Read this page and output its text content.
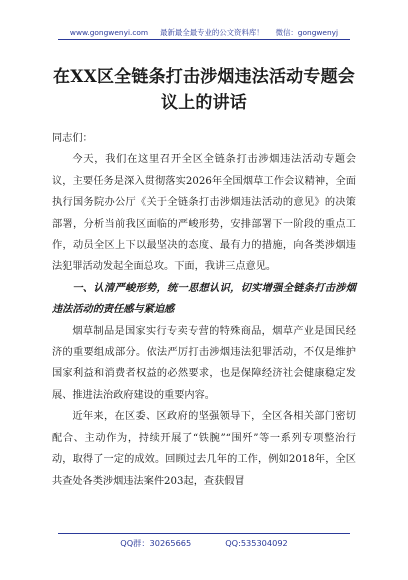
www.gongwenyi.com 最新最全最专业的公文资料库！ 微信：gongwenyj
在XX区全链条打击涉烟违法活动专题会议上的讲话

同志们：

今天，我们在这里召开全区全链条打击涉烟违法活动专题会议，主要任务是深入贯彻落实2026年全国烟草工作会议精神，全面执行国务院办公厅《关于全链条打击涉烟违法活动的意见》的决策部署，分析当前我区面临的严峻形势，安排部署下一阶段的重点工作，动员全区上下以最坚决的态度、最有力的措施，向各类涉烟违法犯罪活动发起全面总攻。下面，我讲三点意见。

一、认清严峻形势，统一思想认识，切实增强全链条打击涉烟违法活动的责任感与紧迫感

烟草制品是国家实行专卖专营的特殊商品，烟草产业是国民经济的重要组成部分。依法严厉打击涉烟违法犯罪活动，不仅是维护国家利益和消费者权益的必然要求，也是保障经济社会健康稳定发展、推进法治政府建设的重要内容。

近年来，在区委、区政府的坚强领导下，全区各相关部门密切配合、主动作为，持续开展了“铁腕”“围歼”等一系列专项整治行动，取得了一定的成效。回顾过去几年的工作，例如2018年，全区共查处各类涉烟违法案件203起，查获假冒

QQ群：30265665	QQ:535304092
